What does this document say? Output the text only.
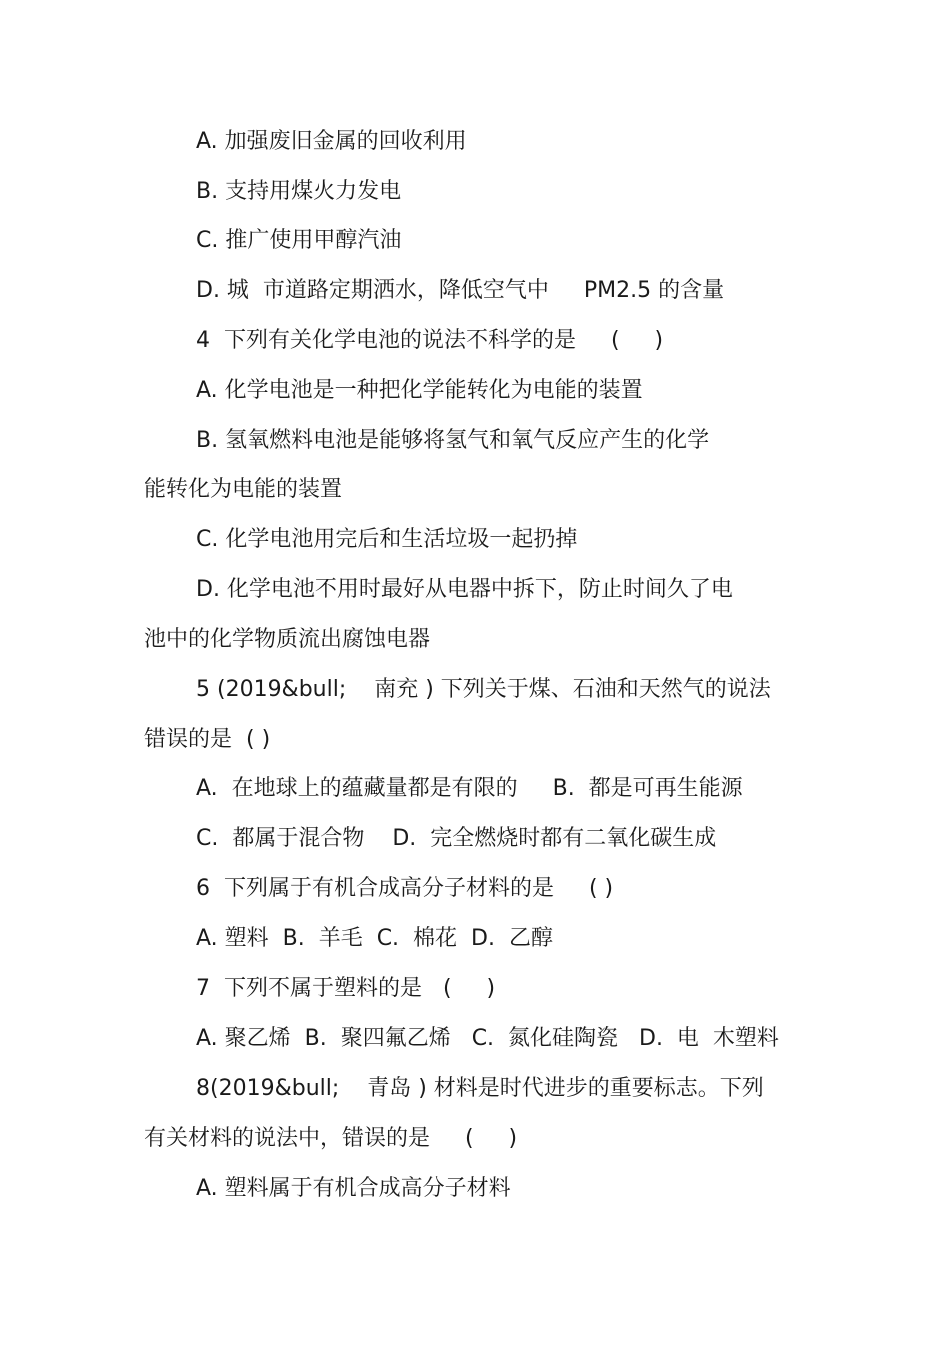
A. 加强废旧金属的回收利用

B. 支持用煤火力发电

C. 推广使用甲醇汽油

D. 城  市道路定期洒水，降低空气中     PM2.5 的含量

4  下列有关化学电池的说法不科学的是     (     )

A. 化学电池是一种把化学能转化为电能的装置

B. 氢氧燃料电池是能够将氢气和氧气反应产生的化学

能转化为电能的装置

C. 化学电池用完后和生活垃圾一起扔掉

D. 化学电池不用时最好从电器中拆下，防止时间久了电

池中的化学物质流出腐蚀电器

5 (2019&bull;    南充 ) 下列关于煤、石油和天然气的说法

错误的是  ( )

A.  在地球上的蕴藏量都是有限的     B.  都是可再生能源

C.  都属于混合物    D.  完全燃烧时都有二氧化碳生成

6  下列属于有机合成高分子材料的是     ( )

A. 塑料  B.  羊毛  C.  棉花  D.  乙醇

7  下列不属于塑料的是   (     )

A. 聚乙烯  B.  聚四氟乙烯   C.  氮化硅陶瓷   D.  电  木塑料

8(2019&bull;    青岛 ) 材料是时代进步的重要标志。下列

有关材料的说法中，错误的是     (     )

A. 塑料属于有机合成高分子材料
